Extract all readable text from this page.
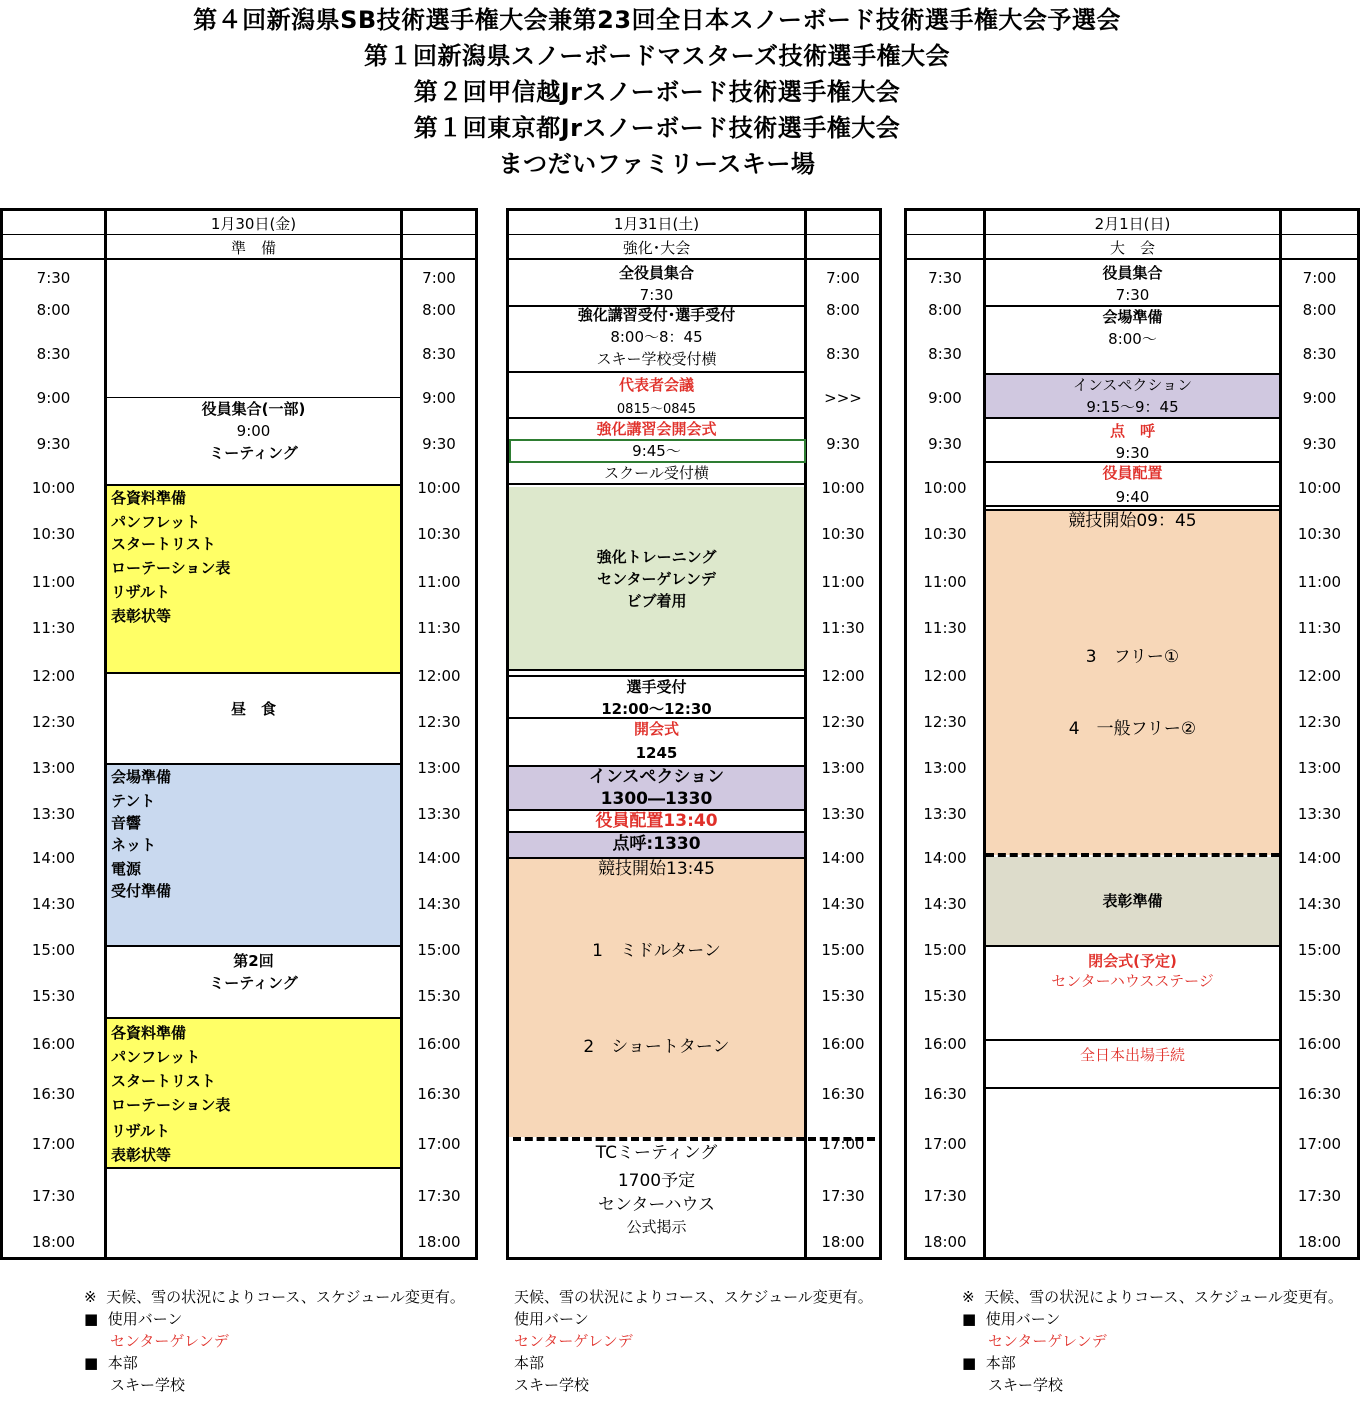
第４回新潟県SB技術選手権大会兼第23回全日本スノーボード技術選手権大会予選会
第１回新潟県スノーボードマスターズ技術選手権大会
第２回甲信越Jrスノーボード技術選手権大会
第１回東京都Jrスノーボード技術選手権大会
まつだいファミリースキー場
1月30日(金)
準　備
役員集合(一部)
9:00
ミーティング
各資料準備
パンフレット
スタートリスト
ローテーション表
リザルト
表彰状等
昼　食
会場準備
テント
音響
ネット
電源
受付準備
第2回
ミーティング
各資料準備
パンフレット
スタートリスト
ローテーション表
リザルト
表彰状等
7:30
8:00
8:30
9:00
9:30
10:00
10:30
11:00
11:30
12:00
12:30
13:00
13:30
14:00
14:30
15:00
15:30
16:00
16:30
17:00
17:30
18:00
7:00
8:00
8:30
9:00
9:30
10:00
10:30
11:00
11:30
12:00
12:30
13:00
13:30
14:00
14:30
15:00
15:30
16:00
16:30
17:00
17:30
18:00
1月31日(土)
強化･大会
全役員集合
7:30
強化講習受付･選手受付
8:00～8：45
スキー学校受付横
代表者会議
0815～0845
強化講習会開会式
9:45～
スクール受付横
強化トレーニング
センターゲレンデ
ビブ着用
選手受付
12:00～12:30
開会式
1245
インスペクション
1300―1330
役員配置13:40
点呼:1330
競技開始13:45
1　ミドルターン
2　ショートターン
TCミーティング
1700予定
センターハウス
公式掲示
7:00
8:00
8:30
>>>
9:30
10:00
10:30
11:00
11:30
12:00
12:30
13:00
13:30
14:00
14:30
15:00
15:30
16:00
16:30
17:00
17:30
18:00
2月1日(日)
大　会
役員集合
7:30
会場準備
8:00～
インスペクション
9:15～9：45
点　呼
9:30
役員配置
9:40
競技開始09：45
3　フリー①
4　一般フリー②
表彰準備
閉会式(予定)
センターハウスステージ
全日本出場手続
7:30
8:00
8:30
9:00
9:30
10:00
10:30
11:00
11:30
12:00
12:30
13:00
13:30
14:00
14:30
15:00
15:30
16:00
16:30
17:00
17:30
18:00
7:00
8:00
8:30
9:00
9:30
10:00
10:30
11:00
11:30
12:00
12:30
13:00
13:30
14:00
14:30
15:00
15:30
16:00
16:30
17:00
17:30
18:00
※ 天候、雪の状況によりコース、スケジュール変更有。
■ 使用バーン
センターゲレンデ
■ 本部
スキー学校
天候、雪の状況によりコース、スケジュール変更有。
使用バーン
センターゲレンデ
本部
スキー学校
※ 天候、雪の状況によりコース、スケジュール変更有。
■ 使用バーン
センターゲレンデ
■ 本部
スキー学校
